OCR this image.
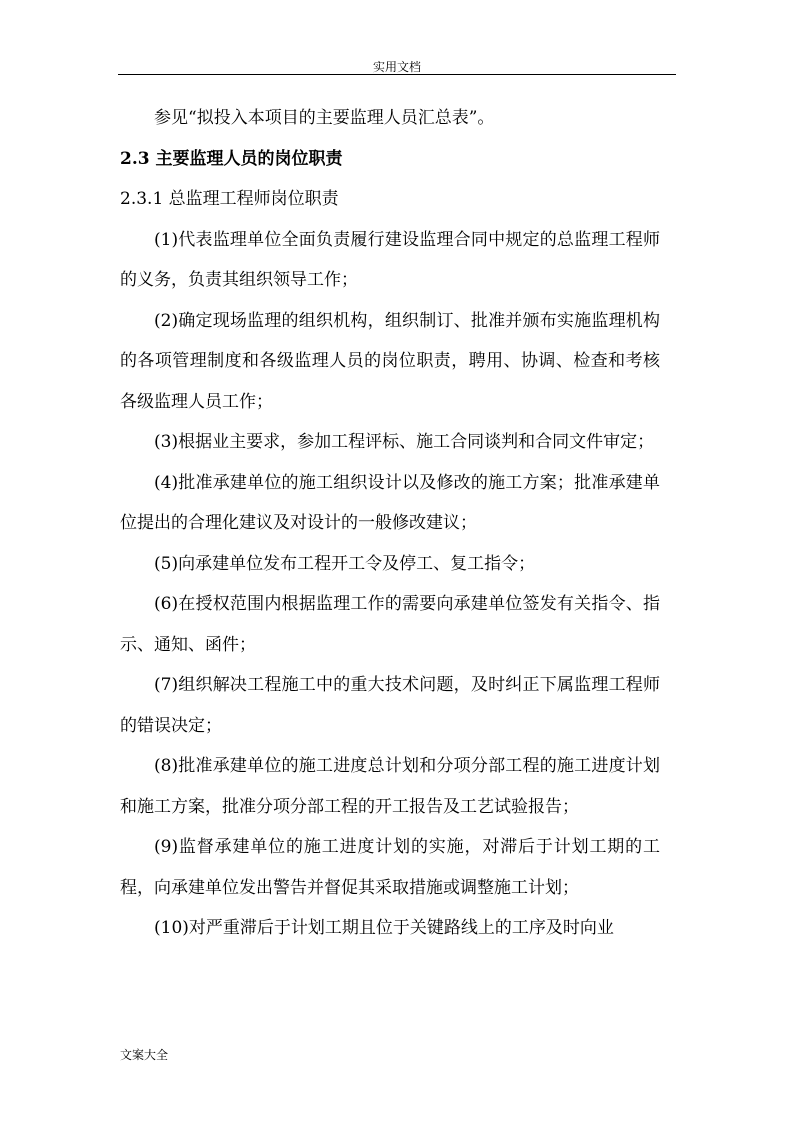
实用文档

参见“拟投入本项目的主要监理人员汇总表”。

2.3 主要监理人员的岗位职责

2.3.1 总监理工程师岗位职责

(1)代表监理单位全面负责履行建设监理合同中规定的总监理工程师的义务，负责其组织领导工作；

(2)确定现场监理的组织机构，组织制订、批准并颁布实施监理机构的各项管理制度和各级监理人员的岗位职责，聘用、协调、检查和考核各级监理人员工作；

(3)根据业主要求，参加工程评标、施工合同谈判和合同文件审定；

(4)批准承建单位的施工组织设计以及修改的施工方案；批准承建单位提出的合理化建议及对设计的一般修改建议；

(5)向承建单位发布工程开工令及停工、复工指令；

(6)在授权范围内根据监理工作的需要向承建单位签发有关指令、指示、通知、函件；

(7)组织解决工程施工中的重大技术问题，及时纠正下属监理工程师的错误决定；

(8)批准承建单位的施工进度总计划和分项分部工程的施工进度计划和施工方案，批准分项分部工程的开工报告及工艺试验报告；

(9)监督承建单位的施工进度计划的实施，对滞后于计划工期的工程，向承建单位发出警告并督促其采取措施或调整施工计划；

(10)对严重滞后于计划工期且位于关键路线上的工序及时向业

文案大全
